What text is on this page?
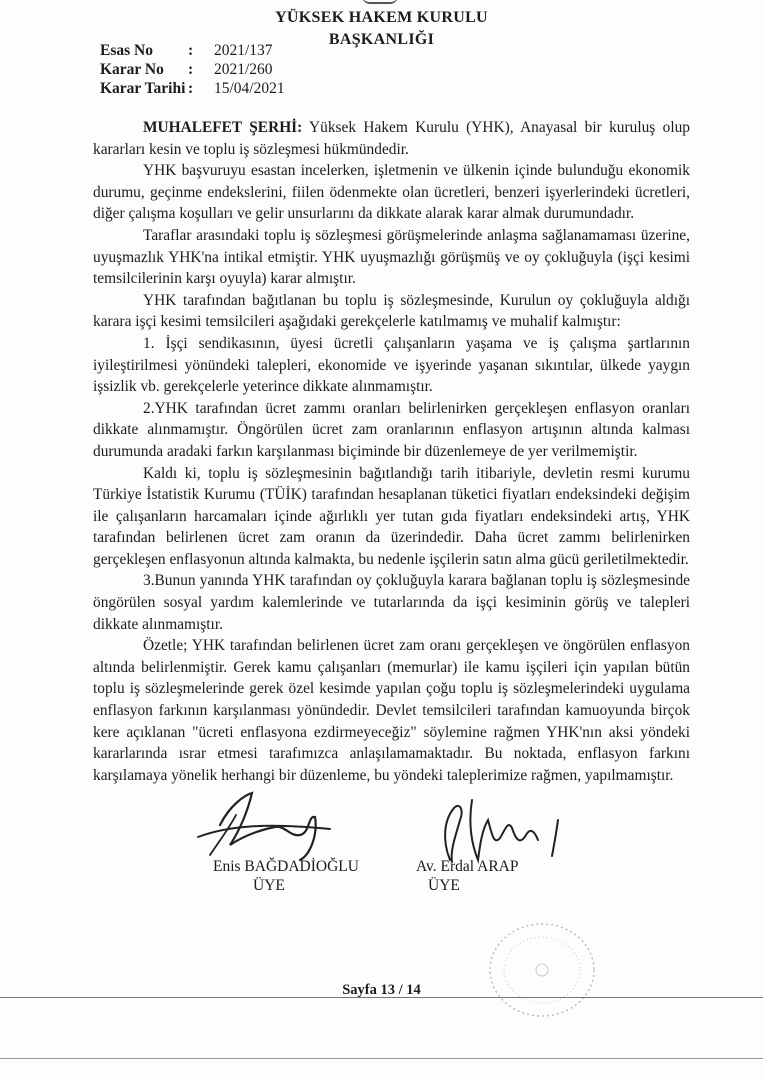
YÜKSEK HAKEM KURULU
BAŞKANLIĞI
Esas No : 2021/137
Karar No : 2021/260
Karar Tarihi : 15/04/2021

MUHALEFET ŞERHİ: Yüksek Hakem Kurulu (YHK), Anayasal bir kuruluş olup kararları kesin ve toplu iş sözleşmesi hükmündedir.

YHK başvuruyu esastan incelerken, işletmenin ve ülkenin içinde bulunduğu ekonomik durumu, geçinme endekslerini, fiilen ödenmekte olan ücretleri, benzeri işyerlerindeki ücretleri, diğer çalışma koşulları ve gelir unsurlarını da dikkate alarak karar almak durumundadır.

Taraflar arasındaki toplu iş sözleşmesi görüşmelerinde anlaşma sağlanamaması üzerine, uyuşmazlık YHK'na intikal etmiştir. YHK uyuşmazlığı görüşmüş ve oy çokluğuyla (işçi kesimi temsilcilerinin karşı oyuyla) karar almıştır.

YHK tarafından bağıtlanan bu toplu iş sözleşmesinde, Kurulun oy çokluğuyla aldığı karara işçi kesimi temsilcileri aşağıdaki gerekçelerle katılmamış ve muhalif kalmıştır:

1. İşçi sendikasının, üyesi ücretli çalışanların yaşama ve iş çalışma şartlarının iyileştirilmesi yönündeki talepleri, ekonomide ve işyerinde yaşanan sıkıntılar, ülkede yaygın işsizlik vb. gerekçelerle yeterince dikkate alınmamıştır.

2.YHK tarafından ücret zammı oranları belirlenirken gerçekleşen enflasyon oranları dikkate alınmamıştır. Öngörülen ücret zam oranlarının enflasyon artışının altında kalması durumunda aradaki farkın karşılanması biçiminde bir düzenlemeye de yer verilmemiştir.

Kaldı ki, toplu iş sözleşmesinin bağıtlandığı tarih itibariyle, devletin resmi kurumu Türkiye İstatistik Kurumu (TÜİK) tarafından hesaplanan tüketici fiyatları endeksindeki değişim ile çalışanların harcamaları içinde ağırlıklı yer tutan gıda fiyatları endeksindeki artış, YHK tarafından belirlenen ücret zam oranın da üzerindedir. Daha ücret zammı belirlenirken gerçekleşen enflasyonun altında kalmakta, bu nedenle işçilerin satın alma gücü geriletilmektedir.

3.Bunun yanında YHK tarafından oy çokluğuyla karara bağlanan toplu iş sözleşmesinde öngörülen sosyal yardım kalemlerinde ve tutarlarında da işçi kesiminin görüş ve talepleri dikkate alınmamıştır.

Özetle; YHK tarafından belirlenen ücret zam oranı gerçekleşen ve öngörülen enflasyon altında belirlenmiştir. Gerek kamu çalışanları (memurlar) ile kamu işçileri için yapılan bütün toplu iş sözleşmelerinde gerek özel kesimde yapılan çoğu toplu iş sözleşmelerindeki uygulama enflasyon farkının karşılanması yönündedir. Devlet temsilcileri tarafından kamuoyunda birçok kere açıklanan "ücreti enflasyona ezdirmeyeceğiz" söylemine rağmen YHK'nın aksi yöndeki kararlarında ısrar etmesi tarafımızca anlaşılamamaktadır. Bu noktada, enflasyon farkını karşılamaya yönelik herhangi bir düzenleme, bu yöndeki taleplerimize rağmen, yapılmamıştır.

Enis BAĞDADİOĞLU
ÜYE
Av. Erdal ARAP
ÜYE
Sayfa 13 / 14
